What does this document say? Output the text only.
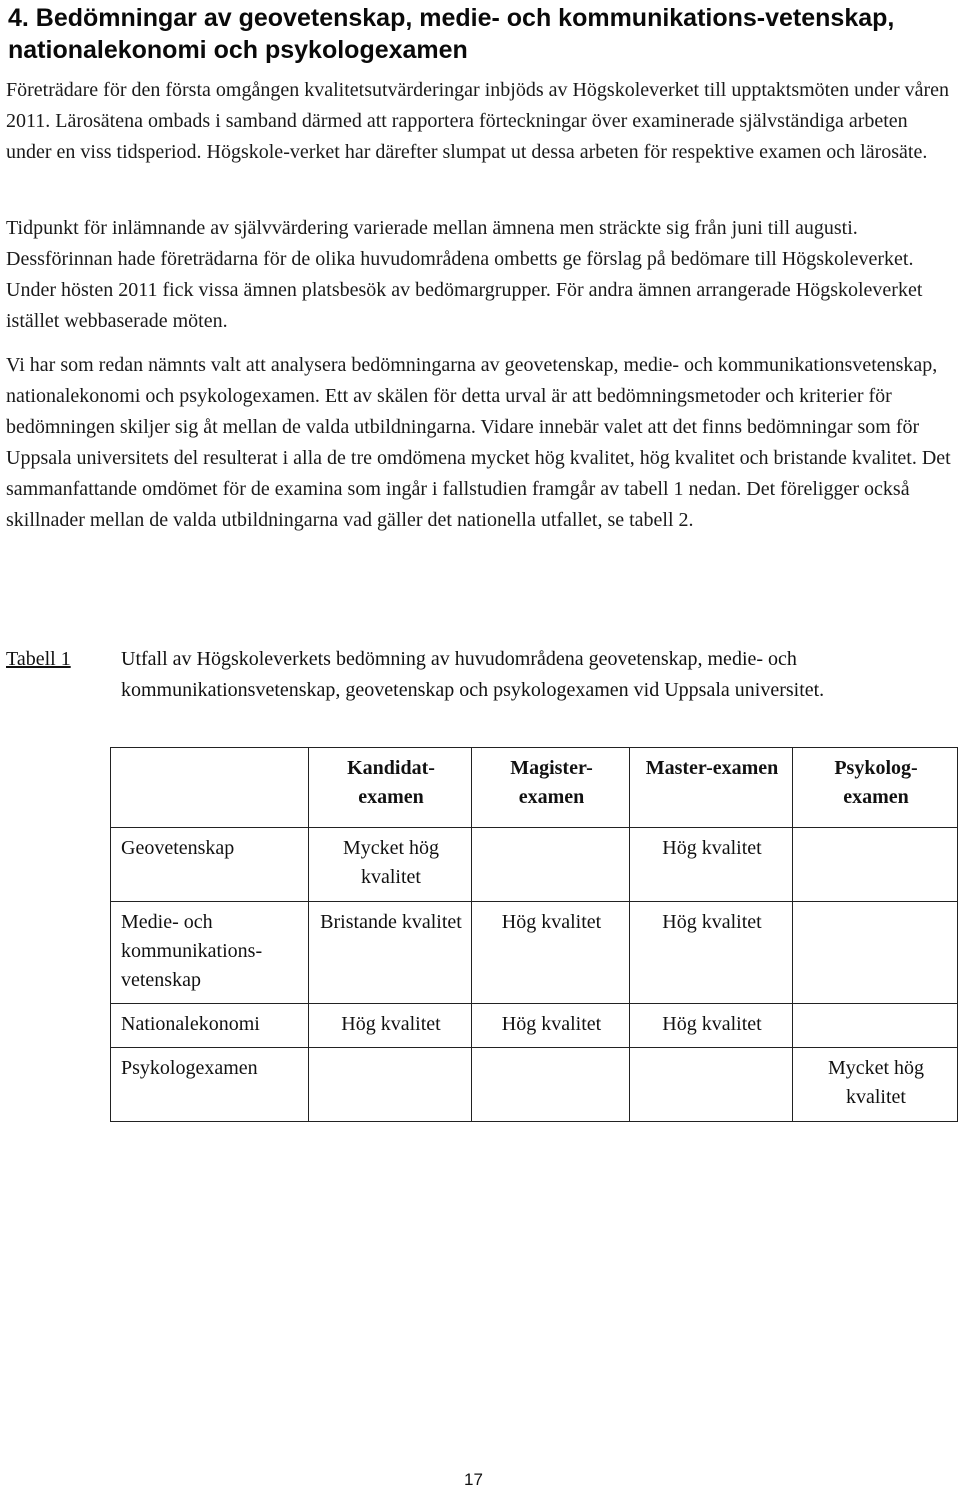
4. Bedömningar av geovetenskap, medie- och kommunikations-vetenskap, nationalekonomi och psykologexamen

Företrädare för den första omgången kvalitetsutvärderingar inbjöds av Högskoleverket till upptaktsmöten under våren 2011. Lärosätena ombads i samband därmed att rapportera förteckningar över examinerade självständiga arbeten under en viss tidsperiod. Högskole-verket har därefter slumpat ut dessa arbeten för respektive examen och lärosäte.

Tidpunkt för inlämnande av självvärdering varierade mellan ämnena men sträckte sig från juni till augusti. Dessförinnan hade företrädarna för de olika huvudområdena ombetts ge förslag på bedömare till Högskoleverket. Under hösten 2011 fick vissa ämnen platsbesök av bedömargrupper. För andra ämnen arrangerade Högskoleverket istället webbaserade möten.

Vi har som redan nämnts valt att analysera bedömningarna av geovetenskap, medie- och kommunikationsvetenskap, nationalekonomi och psykologexamen. Ett av skälen för detta urval är att bedömningsmetoder och kriterier för bedömningen skiljer sig åt mellan de valda utbildningarna. Vidare innebär valet att det finns bedömningar som för Uppsala universitets del resulterat i alla de tre omdömena mycket hög kvalitet, hög kvalitet och bristande kvalitet. Det sammanfattande omdömet för de examina som ingår i fallstudien framgår av tabell 1 nedan. Det föreligger också skillnader mellan de valda utbildningarna vad gäller det nationella utfallet, se tabell 2.

Tabell 1	Utfall av Högskoleverkets bedömning av huvudområdena geovetenskap, medie- och kommunikationsvetenskap, geovetenskap och psykologexamen vid Uppsala universitet.

	Kandidat-examen	Magister-examen	Master-examen	Psykolog-examen
Geovetenskap	Mycket hög kvalitet		Hög kvalitet	
Medie- och kommunikations-vetenskap	Bristande kvalitet	Hög kvalitet	Hög kvalitet	
Nationalekonomi	Hög kvalitet	Hög kvalitet	Hög kvalitet	
Psykologexamen				Mycket hög kvalitet
17
